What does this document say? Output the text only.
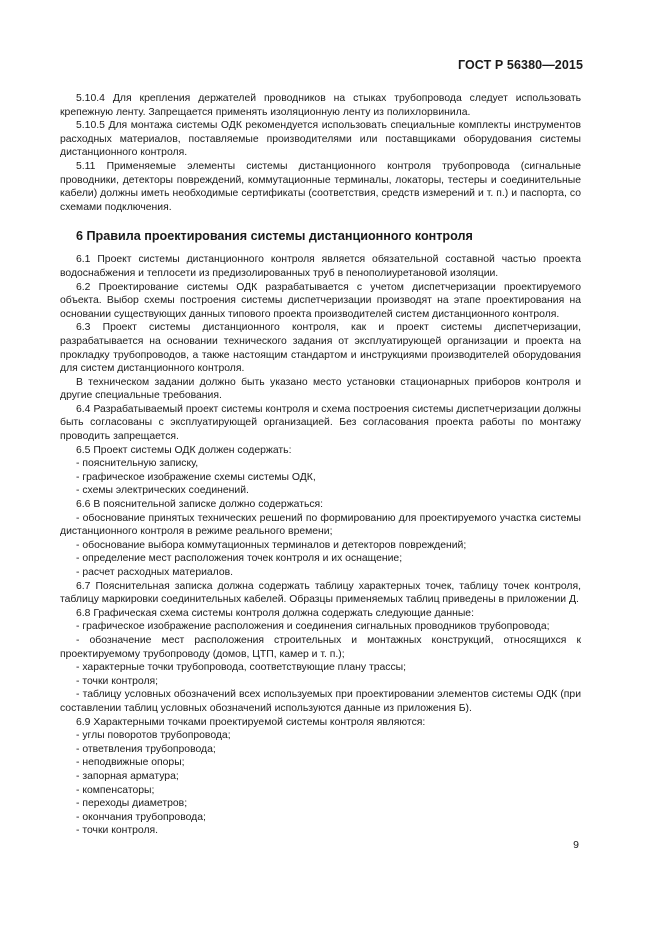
ГОСТ Р 56380—2015

5.10.4 Для крепления держателей проводников на стыках трубопровода следует использовать крепежную ленту. Запрещается применять изоляционную ленту из полихлорвинила.

5.10.5 Для монтажа системы ОДК рекомендуется использовать специальные комплекты инструментов расходных материалов, поставляемые производителями или поставщиками оборудования системы дистанционного контроля.

5.11 Применяемые элементы системы дистанционного контроля трубопровода (сигнальные проводники, детекторы повреждений, коммутационные терминалы, локаторы, тестеры и соединительные кабели) должны иметь необходимые сертификаты (соответствия, средств измерений и т. п.) и паспорта, со схемами подключения.

6 Правила проектирования системы дистанционного контроля

6.1 Проект системы дистанционного контроля является обязательной составной частью проекта водоснабжения и теплосети из предизолированных труб в пенополиуретановой изоляции.

6.2 Проектирование системы ОДК разрабатывается с учетом диспетчеризации проектируемого объекта. Выбор схемы построения системы диспетчеризации производят на этапе проектирования на основании существующих данных типового проекта производителей систем дистанционного контроля.

6.3 Проект системы дистанционного контроля, как и проект системы диспетчеризации, разрабатывается на основании технического задания от эксплуатирующей организации и проекта на прокладку трубопроводов, а также настоящим стандартом и инструкциями производителей оборудования для систем дистанционного контроля.

В техническом задании должно быть указано место установки стационарных приборов контроля и другие специальные требования.

6.4 Разрабатываемый проект системы контроля и схема построения системы диспетчеризации должны быть согласованы с эксплуатирующей организацией. Без согласования проекта работы по монтажу проводить запрещается.

6.5 Проект системы ОДК должен содержать:

- пояснительную записку,

- графическое изображение схемы системы ОДК,

- схемы электрических соединений.

6.6 В пояснительной записке должно содержаться:

- обоснование принятых технических решений по формированию для проектируемого участка системы дистанционного контроля в режиме реального времени;

- обоснование выбора коммутационных терминалов и детекторов повреждений;

- определение мест расположения точек контроля и их оснащение;

- расчет расходных материалов.

6.7 Пояснительная записка должна содержать таблицу характерных точек, таблицу точек контроля, таблицу маркировки соединительных кабелей. Образцы применяемых таблиц приведены в приложении Д.

6.8 Графическая схема системы контроля должна содержать следующие данные:

- графическое изображение расположения и соединения сигнальных проводников трубопровода;

- обозначение мест расположения строительных и монтажных конструкций, относящихся к проектируемому трубопроводу (домов, ЦТП, камер и т. п.);

- характерные точки трубопровода, соответствующие плану трассы;

- точки контроля;

- таблицу условных обозначений всех используемых при проектировании элементов системы ОДК (при составлении таблиц условных обозначений используются данные из приложения Б).

6.9 Характерными точками проектируемой системы контроля являются:

- углы поворотов трубопровода;

- ответвления трубопровода;

- неподвижные опоры;

- запорная арматура;

- компенсаторы;

- переходы диаметров;

- окончания трубопровода;

- точки контроля.

9
